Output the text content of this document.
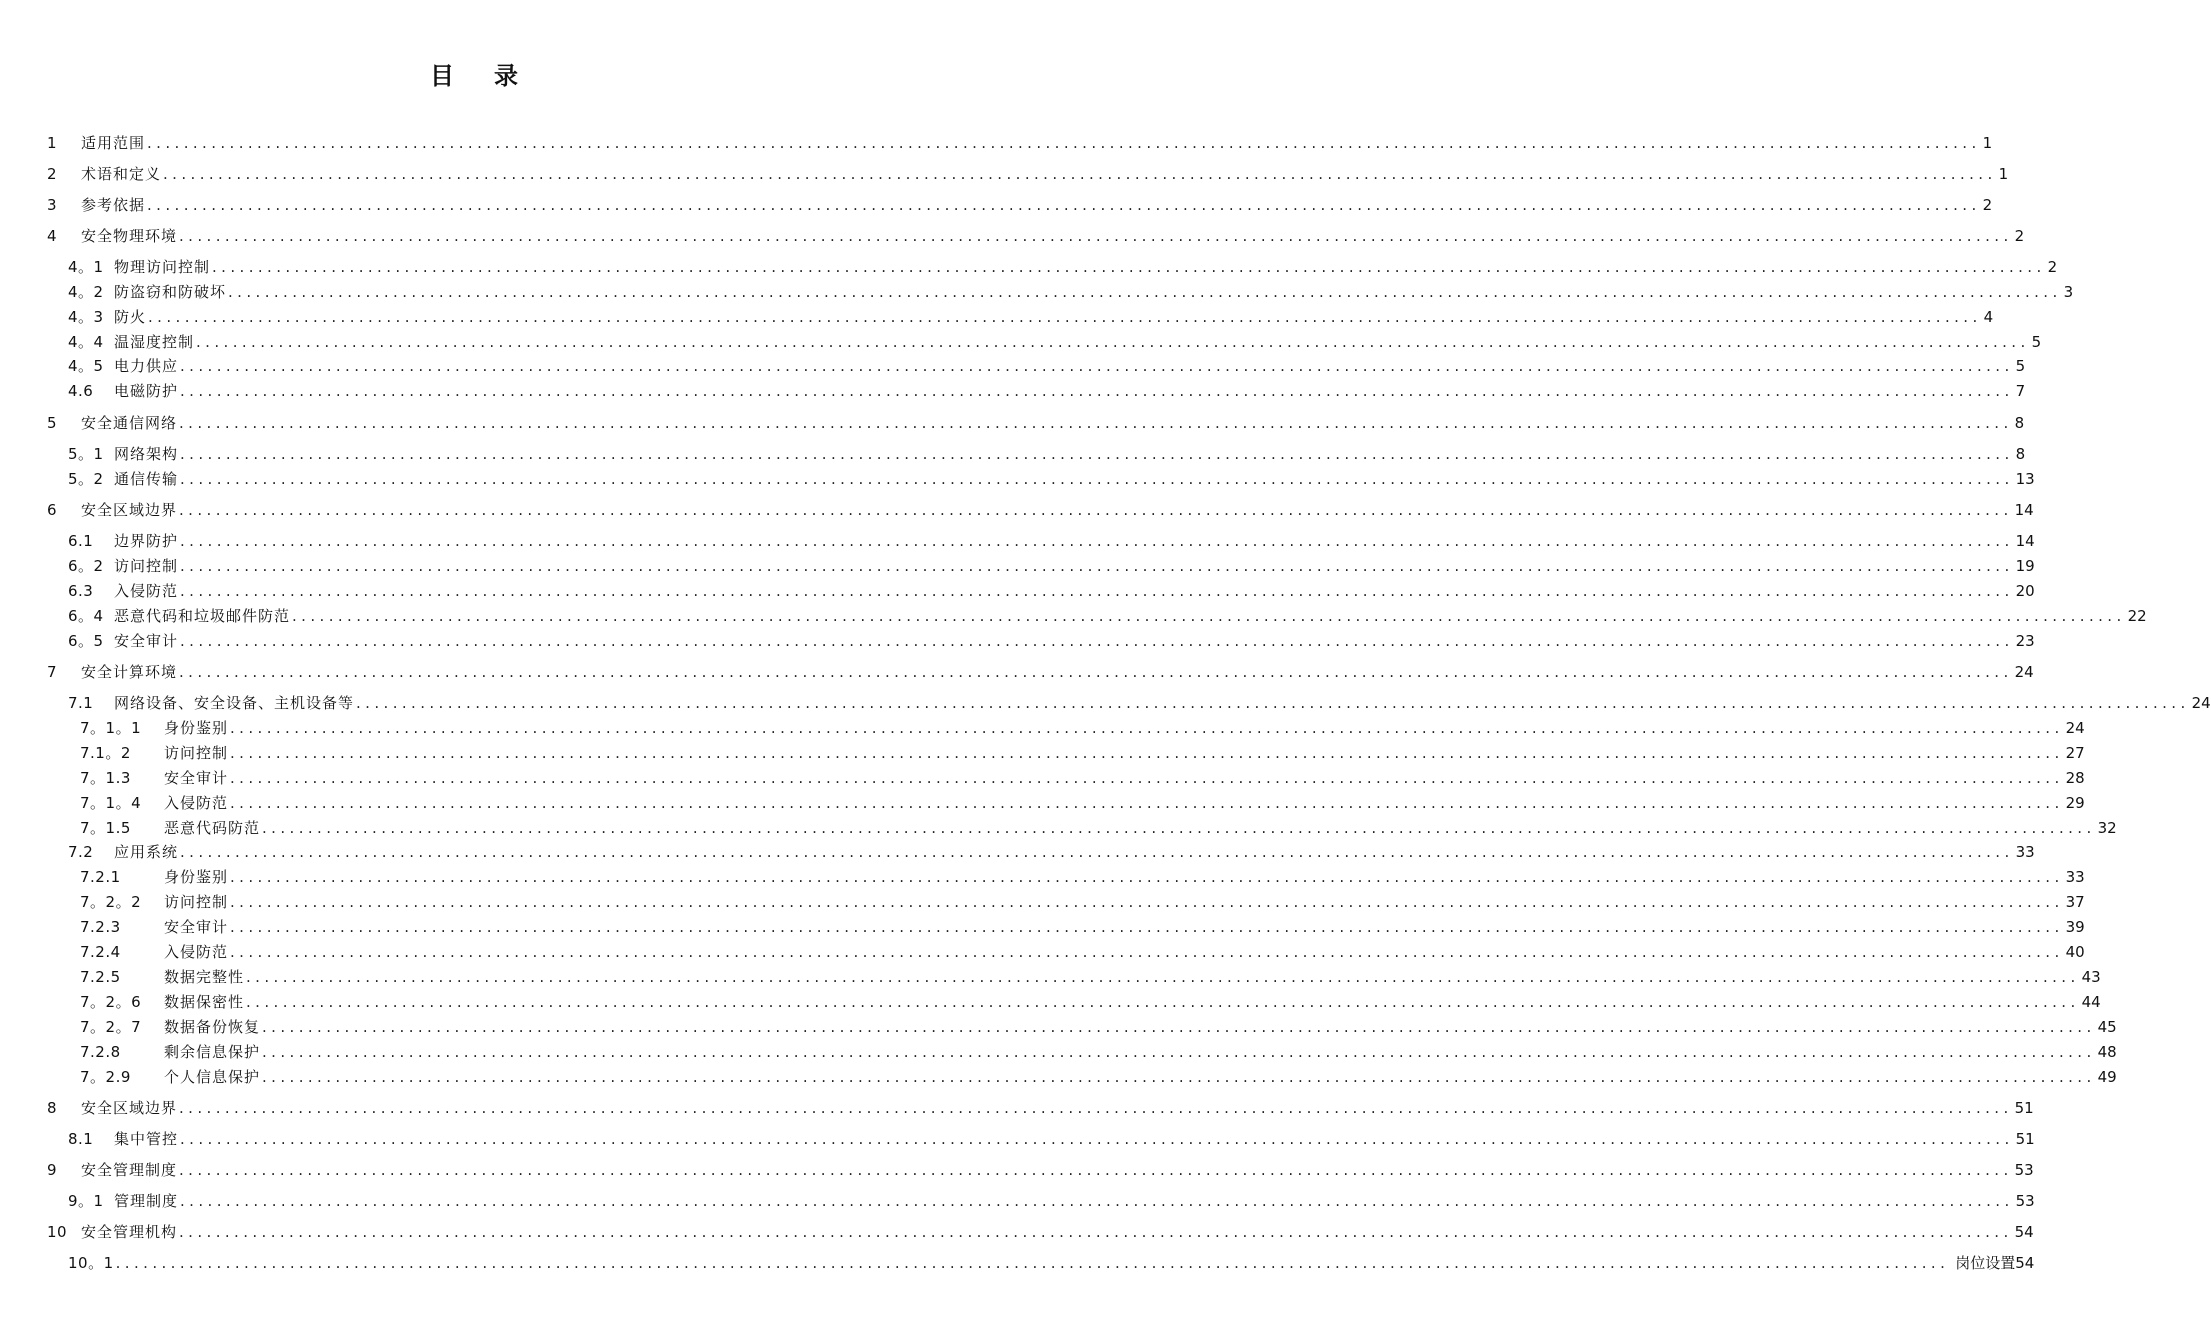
目 录
1	适用范围 ........................................................................................................................................................................................................ 1
2	术语和定义 ........................................................................................................................................................................................................ 1
3	参考依据 ........................................................................................................................................................................................................ 2
4	安全物理环境 ........................................................................................................................................................................................................ 2
4。1 物理访问控制 ........................................................................................................................................................................................................ 2
4。2 防盗窃和防破坏 ........................................................................................................................................................................................................ 3
4。3 防火 ........................................................................................................................................................................................................ 4
4。4 温湿度控制 ........................................................................................................................................................................................................ 5
4。5 电力供应 ........................................................................................................................................................................................................ 5
4.6	电磁防护 ........................................................................................................................................................................................................ 7
5	安全通信网络 ........................................................................................................................................................................................................ 8
5。1 网络架构 ........................................................................................................................................................................................................ 8
5。2 通信传输 ........................................................................................................................................................................................................ 13
6	安全区域边界 ........................................................................................................................................................................................................ 14
6.1	边界防护 ........................................................................................................................................................................................................ 14
6。2 访问控制 ........................................................................................................................................................................................................ 19
6.3	入侵防范 ........................................................................................................................................................................................................ 20
6。4 恶意代码和垃圾邮件防范 ........................................................................................................................................................................................................ 22
6。5 安全审计 ........................................................................................................................................................................................................ 23
7	安全计算环境 ........................................................................................................................................................................................................ 24
7.1	网络设备、安全设备、主机设备等 ........................................................................................................................................................................................................ 24
7。1。1	身份鉴别 ........................................................................................................................................................................................................ 24
7.1。2	访问控制 ........................................................................................................................................................................................................ 27
7。1.3	安全审计 ........................................................................................................................................................................................................ 28
7。1。4	入侵防范 ........................................................................................................................................................................................................ 29
7。1.5	恶意代码防范 ........................................................................................................................................................................................................ 32
7.2	应用系统 ........................................................................................................................................................................................................ 33
7.2.1	身份鉴别 ........................................................................................................................................................................................................ 33
7。2。2	访问控制 ........................................................................................................................................................................................................ 37
7.2.3	安全审计 ........................................................................................................................................................................................................ 39
7.2.4	入侵防范 ........................................................................................................................................................................................................ 40
7.2.5	数据完整性 ........................................................................................................................................................................................................ 43
7。2。6	数据保密性 ........................................................................................................................................................................................................ 44
7。2。7	数据备份恢复 ........................................................................................................................................................................................................ 45
7.2.8	剩余信息保护 ........................................................................................................................................................................................................ 48
7。2.9	个人信息保护 ........................................................................................................................................................................................................ 49
8	安全区域边界 ........................................................................................................................................................................................................ 51
8.1	集中管控 ........................................................................................................................................................................................................ 51
9	安全管理制度 ........................................................................................................................................................................................................ 53
9。1 管理制度 ........................................................................................................................................................................................................ 53
10 安全管理机构 ........................................................................................................................................................................................................ 54
10。1 ........................................................................................................................................................................................................ 岗位设置54
